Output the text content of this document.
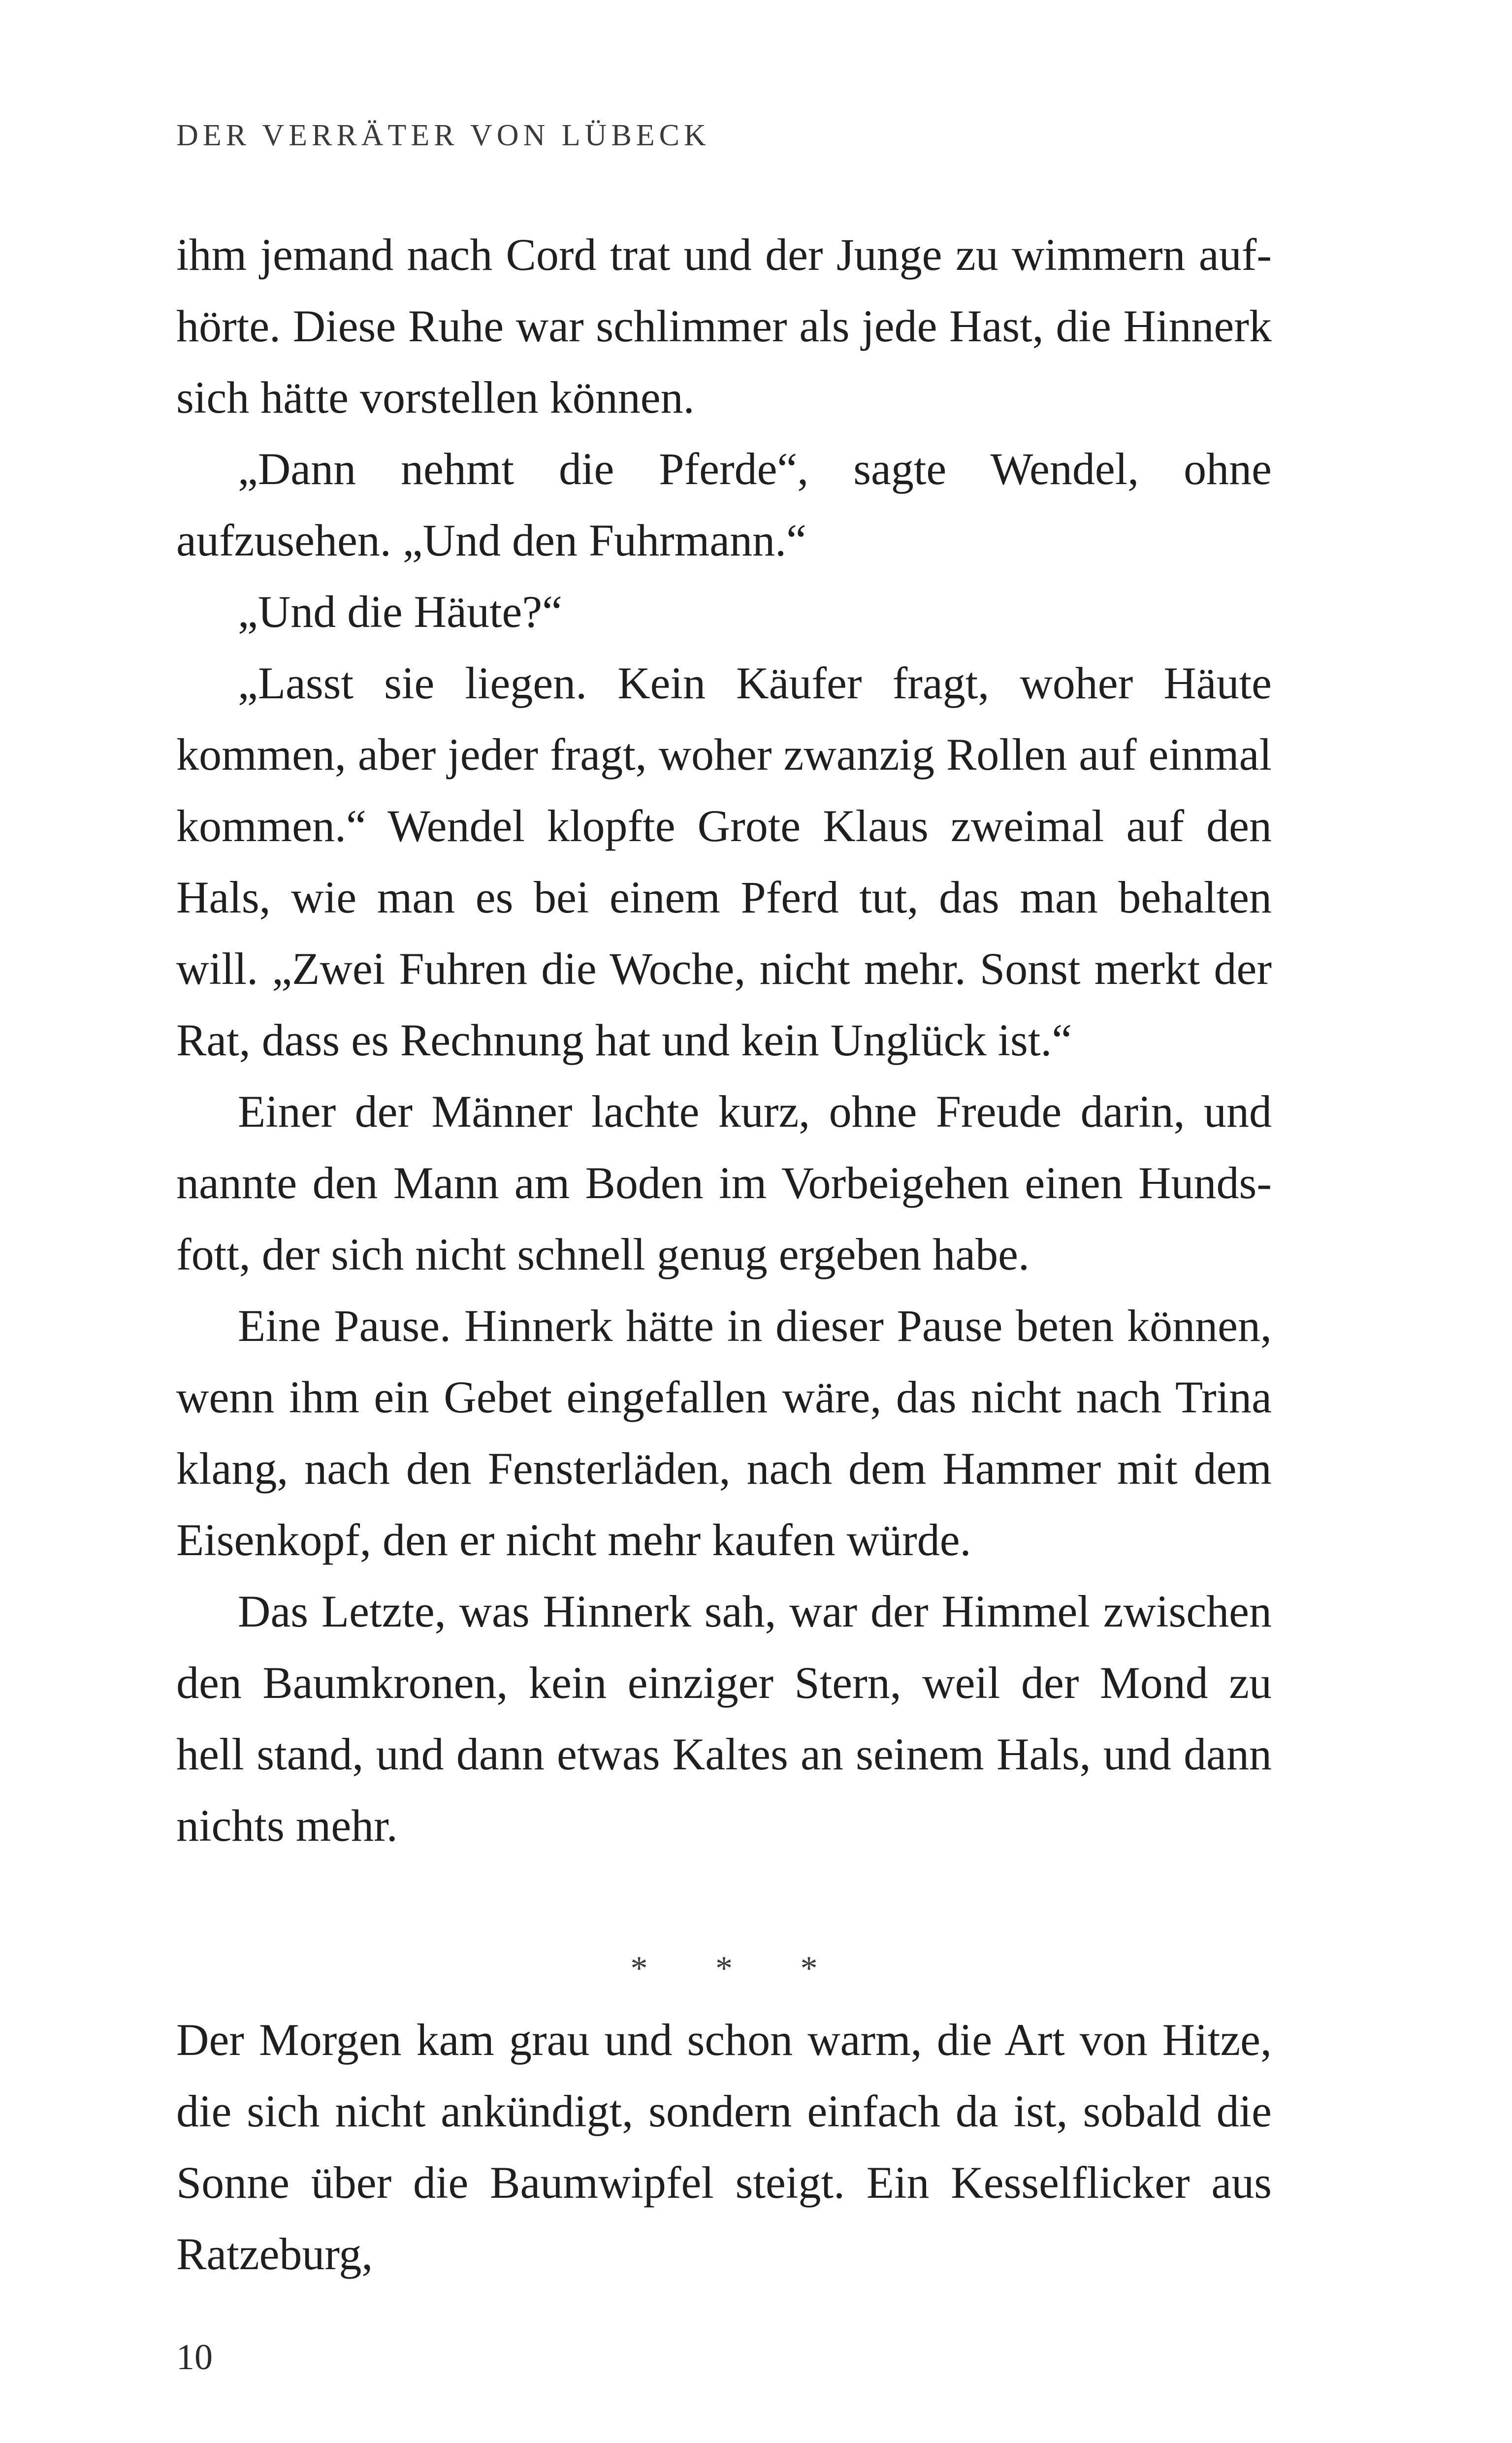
DER VERRÄTER VON LÜBECK

ihm jemand nach Cord trat und der Junge zu wimmern aufhörte. Diese Ruhe war schlimmer als jede Hast, die Hinnerk sich hätte vorstellen können.

„Dann nehmt die Pferde“, sagte Wendel, ohne aufzusehen. „Und den Fuhrmann.“

„Und die Häute?“

„Lasst sie liegen. Kein Käufer fragt, woher Häute kommen, aber jeder fragt, woher zwanzig Rollen auf einmal kommen.“ Wendel klopfte Grote Klaus zweimal auf den Hals, wie man es bei einem Pferd tut, das man behalten will. „Zwei Fuhren die Woche, nicht mehr. Sonst merkt der Rat, dass es Rechnung hat und kein Unglück ist.“

Einer der Männer lachte kurz, ohne Freude darin, und nannte den Mann am Boden im Vorbeigehen einen Hundsfott, der sich nicht schnell genug ergeben habe.

Eine Pause. Hinnerk hätte in dieser Pause beten können, wenn ihm ein Gebet eingefallen wäre, das nicht nach Trina klang, nach den Fensterläden, nach dem Hammer mit dem Eisenkopf, den er nicht mehr kaufen würde.

Das Letzte, was Hinnerk sah, war der Himmel zwischen den Baumkronen, kein einziger Stern, weil der Mond zu hell stand, und dann etwas Kaltes an seinem Hals, und dann nichts mehr.

* * *

Der Morgen kam grau und schon warm, die Art von Hitze, die sich nicht ankündigt, sondern einfach da ist, sobald die Sonne über die Baumwipfel steigt. Ein Kesselflicker aus Ratzeburg,

10
